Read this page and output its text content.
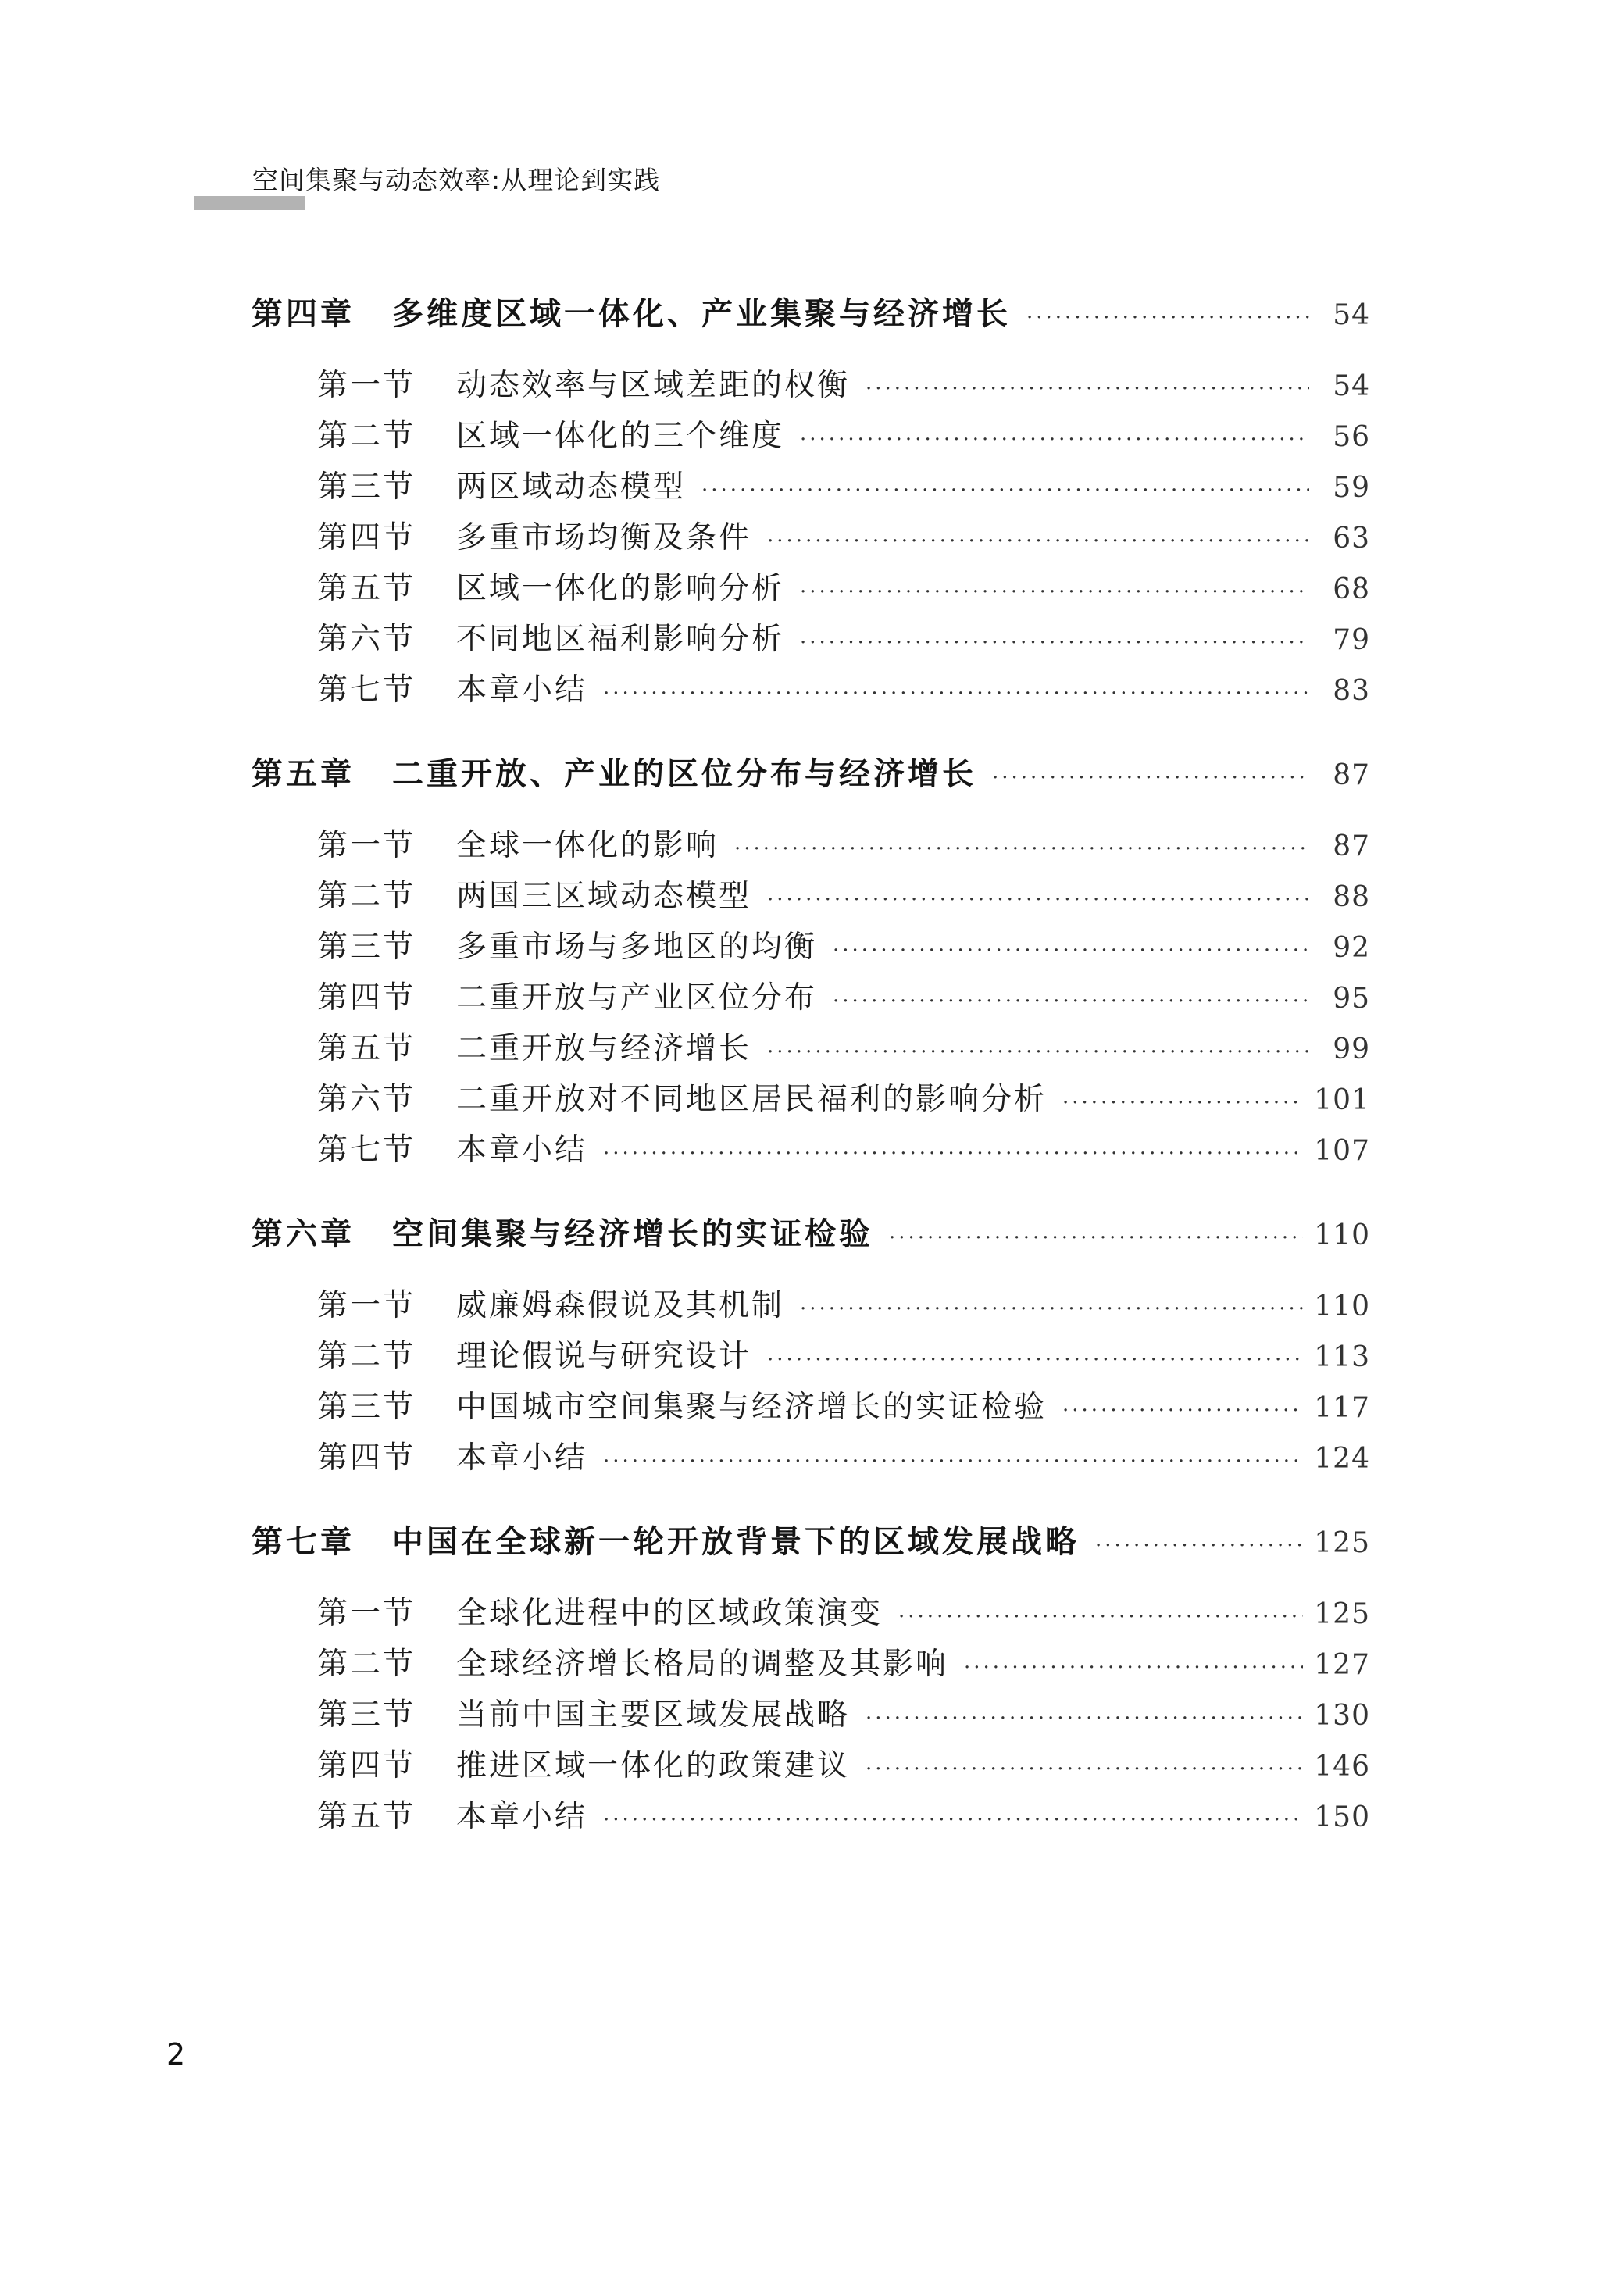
空间集聚与动态效率:从理论到实践
第四章	多维度区域一体化、产业集聚与经济增长 ·····	54
第一节	动态效率与区域差距的权衡 ·····	54
第二节	区域一体化的三个维度 ·····	56
第三节	两区域动态模型 ·····	59
第四节	多重市场均衡及条件 ·····	63
第五节	区域一体化的影响分析 ·····	68
第六节	不同地区福利影响分析 ·····	79
第七节	本章小结 ·····	83
第五章	二重开放、产业的区位分布与经济增长 ·····	87
第一节	全球一体化的影响 ·····	87
第二节	两国三区域动态模型 ·····	88
第三节	多重市场与多地区的均衡 ·····	92
第四节	二重开放与产业区位分布 ·····	95
第五节	二重开放与经济增长 ·····	99
第六节	二重开放对不同地区居民福利的影响分析 ·····	101
第七节	本章小结 ·····	107
第六章	空间集聚与经济增长的实证检验 ·····	110
第一节	威廉姆森假说及其机制 ·····	110
第二节	理论假说与研究设计 ·····	113
第三节	中国城市空间集聚与经济增长的实证检验 ·····	117
第四节	本章小结 ·····	124
第七章	中国在全球新一轮开放背景下的区域发展战略 ·····	125
第一节	全球化进程中的区域政策演变 ·····	125
第二节	全球经济增长格局的调整及其影响 ·····	127
第三节	当前中国主要区域发展战略 ·····	130
第四节	推进区域一体化的政策建议 ·····	146
第五节	本章小结 ·····	150
2
